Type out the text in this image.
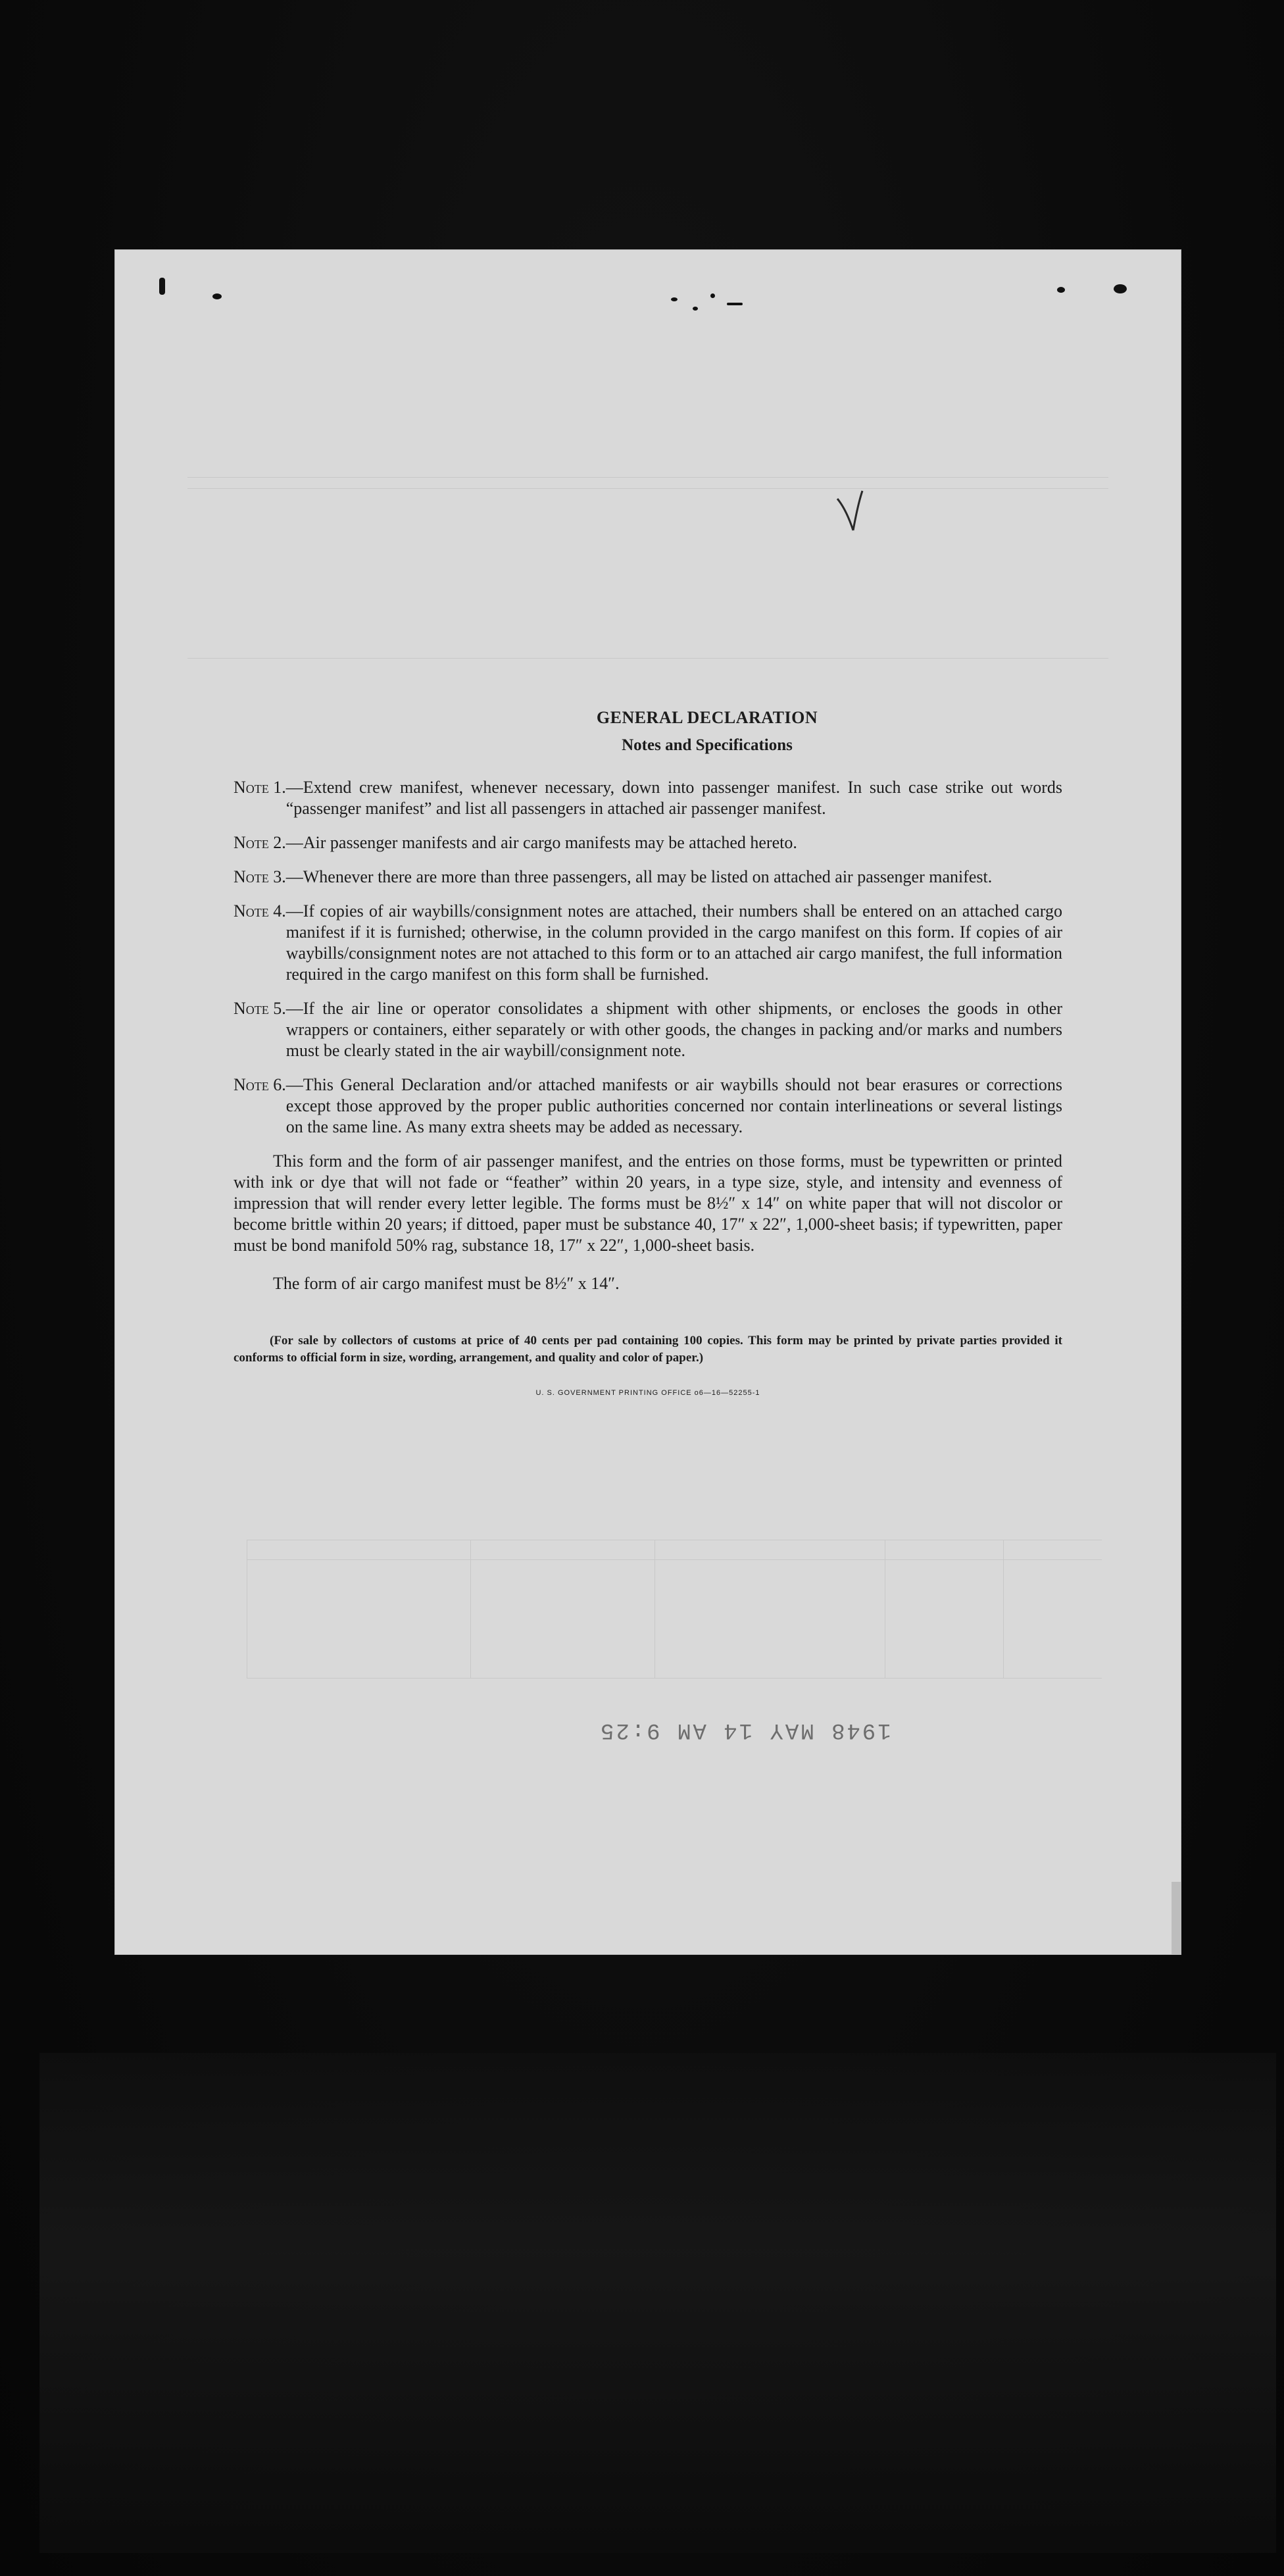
1948 MAY 14 AM 9:25
GENERAL DECLARATION
Notes and Specifications
Note 1. —Extend crew manifest, whenever necessary, down into passenger manifest. In such case strike out words “passenger manifest” and list all passengers in attached air passenger manifest.
Note 2. —Air passenger manifests and air cargo manifests may be attached hereto.
Note 3. —Whenever there are more than three passengers, all may be listed on attached air passenger manifest.
Note 4. —If copies of air waybills/consignment notes are attached, their numbers shall be entered on an attached cargo manifest if it is furnished; otherwise, in the column provided in the cargo manifest on this form. If copies of air waybills/consignment notes are not attached to this form or to an attached air cargo manifest, the full information required in the cargo manifest on this form shall be furnished.
Note 5. —If the air line or operator consolidates a shipment with other shipments, or encloses the goods in other wrappers or containers, either separately or with other goods, the changes in packing and/or marks and numbers must be clearly stated in the air waybill/consignment note.
Note 6. —This General Declaration and/or attached manifests or air waybills should not bear erasures or corrections except those approved by the proper public authorities concerned nor contain interlineations or several listings on the same line. As many extra sheets may be added as necessary.

This form and the form of air passenger manifest, and the entries on those forms, must be typewritten or printed with ink or dye that will not fade or “feather” within 20 years, in a type size, style, and intensity and evenness of impression that will render every letter legible. The forms must be 8½″ x 14″ on white paper that will not discolor or become brittle within 20 years; if dittoed, paper must be substance 40, 17″ x 22″, 1,000-sheet basis; if typewritten, paper must be bond manifold 50% rag, substance 18, 17″ x 22″, 1,000-sheet basis.

The form of air cargo manifest must be 8½″ x 14″.

(For sale by collectors of customs at price of 40 cents per pad containing 100 copies. This form may be printed by private parties provided it conforms to official form in size, wording, arrangement, and quality and color of paper.)
U. S. GOVERNMENT PRINTING OFFICE o6—16—52255-1
